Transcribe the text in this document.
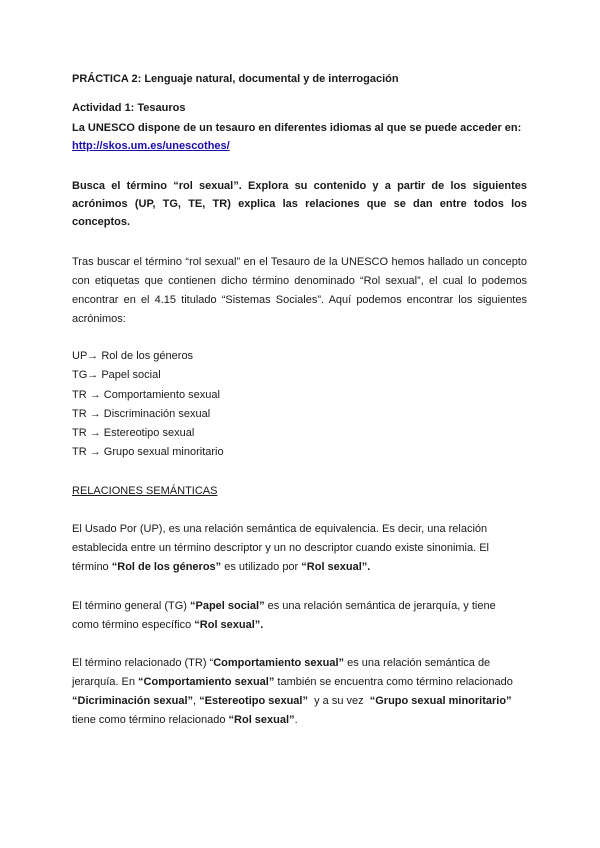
PRÁCTICA 2: Lenguaje natural, documental y de interrogación
Actividad 1: Tesauros
La UNESCO dispone de un tesauro en diferentes idiomas al que se puede acceder en:
http://skos.um.es/unescothes/
Busca el término “rol sexual”. Explora su contenido y a partir de los siguientes
acrónimos (UP, TG, TE, TR) explica las relaciones que se dan entre todos los
conceptos.
Tras buscar el término “rol sexual” en el Tesauro de la UNESCO hemos hallado un concepto
con etiquetas que contienen dicho término denominado “Rol sexual”, el cual lo podemos
encontrar en el 4.15 titulado “Sistemas Sociales”. Aquí podemos encontrar los siguientes
acrónimos:
UP→ Rol de los géneros
TG→ Papel social
TR → Comportamiento sexual
TR → Discriminación sexual
TR → Estereotipo sexual
TR → Grupo sexual minoritario
RELACIONES SEMÁNTICAS
El Usado Por (UP), es una relación semántica de equivalencia. Es decir, una relación
establecida entre un término descriptor y un no descriptor cuando existe sinonimia. El
término “Rol de los géneros” es utilizado por “Rol sexual”.
El término general (TG) “Papel social” es una relación semántica de jerarquía, y tiene
como término específico “Rol sexual”.
El término relacionado (TR) “Comportamiento sexual” es una relación semántica de
jerarquía. En “Comportamiento sexual” también se encuentra como término relacionado
“Dicriminación sexual”, “Estereotipo sexual”  y a su vez  “Grupo sexual minoritario”
tiene como término relacionado “Rol sexual”.
